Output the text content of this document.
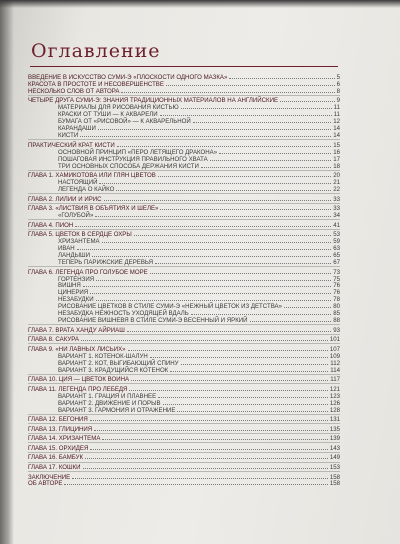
Оглавление
ВВЕДЕНИЕ В ИСКУССТВО СУМИ-Э «ПЛОСКОСТИ ОДНОГО МАЗКА»	5
КРАСОТА В ПРОСТОТЕ И НЕСОВЕРШЕНСТВЕ	6
НЕСКОЛЬКО СЛОВ ОТ АВТОРА	8
ЧЕТЫРЕ ДРУГА СУМИ-Э: ЗНАНИЯ ТРАДИЦИОННЫХ МАТЕРИАЛОВ НА АНГЛИЙСКИЕ	9
МАТЕРИАЛЫ ДЛЯ РИСОВАНИЯ КИСТЬЮ	11
КРАСКИ ОТ ТУШИ — К АКВАРЕЛИ	11
БУМАГА ОТ «РИСОВОЙ» — К АКВАРЕЛЬНОЙ	12
КАРАНДАШИ	14
КИСТИ	14
ПРАКТИЧЕСКИЙ КРАТ КИСТИ	15
ОСНОВНОЙ ПРИНЦИП «ПЕРО ЛЕТЯЩЕГО ДРАКОНА»	16
ПОШАГОВАЯ ИНСТРУКЦИЯ ПРАВИЛЬНОГО ХВАТА	17
ТРИ ОСНОВНЫХ СПОСОБА ДЕРЖАНИЯ КИСТИ	18
ГЛАВА 1. ХАМИКОТОВА ИЛИ ГЛЯН ЦВЕТОВ	20
НАСТОЯЩИЙ	21
ЛЕГЕНДА О КАЙКО	22
ГЛАВА 2. ЛИЛИИ И ИРИС	33
ГЛАВА 3. «ЛИСТВИЯ В ОБЪЯТИЯХ И ШЕЛЕ»	33
«ГОЛУБОЙ»	34
ГЛАВА 4. ПИОН	41
ГЛАВА 5. ЦВЕТОК В СЕРДЦЕ ОХРЫ	53
ХРИЗАНТЕМА	59
ИВАН	63
ЛАНДЫШИ	65
ТЕПЕРЬ ПАРИЖСКИЕ ДЕРЕВЬЯ	67
ГЛАВА 6. ЛЕГЕНДА ПРО ГОЛУБОЕ МОРЕ	73
ГОРТЕНЗИЯ	75
ВИШНЯ	76
ЦИНЕРИЯ	76
НЕЗАБУДКИ	78
РИСОВАНИЕ ЦВЕТКОВ В СТИЛЕ СУМИ-Э «НЕЖНЫЙ ЦВЕТОК ИЗ ДЕТСТВА»	80
НЕЗАБУДКА НЕЖНОСТЬ УХОДЯЩЕЙ ВДАЛЬ	85
РИСОВАНИЕ ВИШНЕВЯ В СТИЛЕ СУМИ-Э ВЕСЕННЫЙ И ЯРКИЙ	88
ГЛАВА 7. ВРАТА ХАНДУ АЙРИАШ	93
ГЛАВА 8. САКУРА	101
ГЛАВА 9. «НИ ЛАВНЫХ ЛИСЬИХ»	107
ВАРИАНТ 1. КОТЕНОК-ШАЛУН	109
ВАРИАНТ 2. КОТ, ВЫГИБАЮЩИЙ СПИНУ	112
ВАРИАНТ 3. КРАДУЩИЙСЯ КОТЕНОК	114
ГЛАВА 10. ЦИЯ — ЦВЕТОК ВОИНА	117
ГЛАВА 11. ЛЕГЕНДА ПРО ЛЕБЕДЯ	121
ВАРИАНТ 1. ГРАЦИЯ И ПЛАВНЕЕ	123
ВАРИАНТ 2. ДВИЖЕНИЕ И ПОРЫВ	126
ВАРИАНТ 3. ГАРМОНИЯ И ОТРАЖЕНИЕ	128
ГЛАВА 12. БЕГОНИЯ	131
ГЛАВА 13. ГЛИЦИНИЯ	135
ГЛАВА 14. ХРИЗАНТЕМА	139
ГЛАВА 15. ОРХИДЕЯ	143
ГЛАВА 16. БАМБУК	149
ГЛАВА 17. КОШКИ	153
ЗАКЛЮЧЕНИЕ	158
ОБ АВТОРЕ	158
